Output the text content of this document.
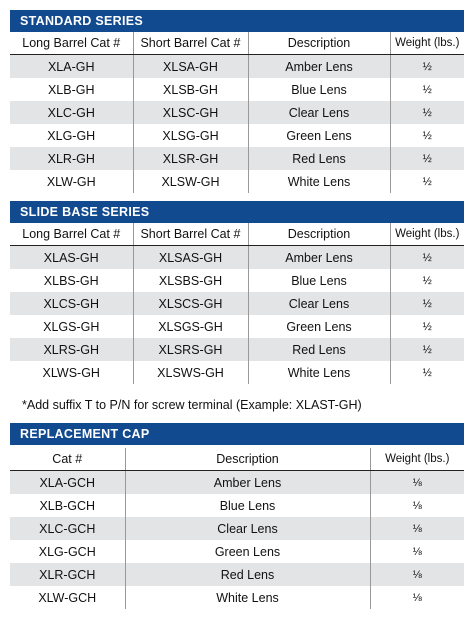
STANDARD SERIES
Long Barrel Cat #	Short Barrel Cat #	Description	Weight (lbs.)
XLA-GH	XLSA-GH	Amber Lens	½
XLB-GH	XLSB-GH	Blue Lens	½
XLC-GH	XLSC-GH	Clear Lens	½
XLG-GH	XLSG-GH	Green Lens	½
XLR-GH	XLSR-GH	Red Lens	½
XLW-GH	XLSW-GH	White Lens	½
SLIDE BASE SERIES
Long Barrel Cat #	Short Barrel Cat #	Description	Weight (lbs.)
XLAS-GH	XLSAS-GH	Amber Lens	½
XLBS-GH	XLSBS-GH	Blue Lens	½
XLCS-GH	XLSCS-GH	Clear Lens	½
XLGS-GH	XLSGS-GH	Green Lens	½
XLRS-GH	XLSRS-GH	Red Lens	½
XLWS-GH	XLSWS-GH	White Lens	½
*Add suffix T to P/N for screw terminal (Example: XLAST-GH)
REPLACEMENT CAP
Cat #	Description	Weight (lbs.)
XLA-GCH	Amber Lens	⅛
XLB-GCH	Blue Lens	⅛
XLC-GCH	Clear Lens	⅛
XLG-GCH	Green Lens	⅛
XLR-GCH	Red Lens	⅛
XLW-GCH	White Lens	⅛
